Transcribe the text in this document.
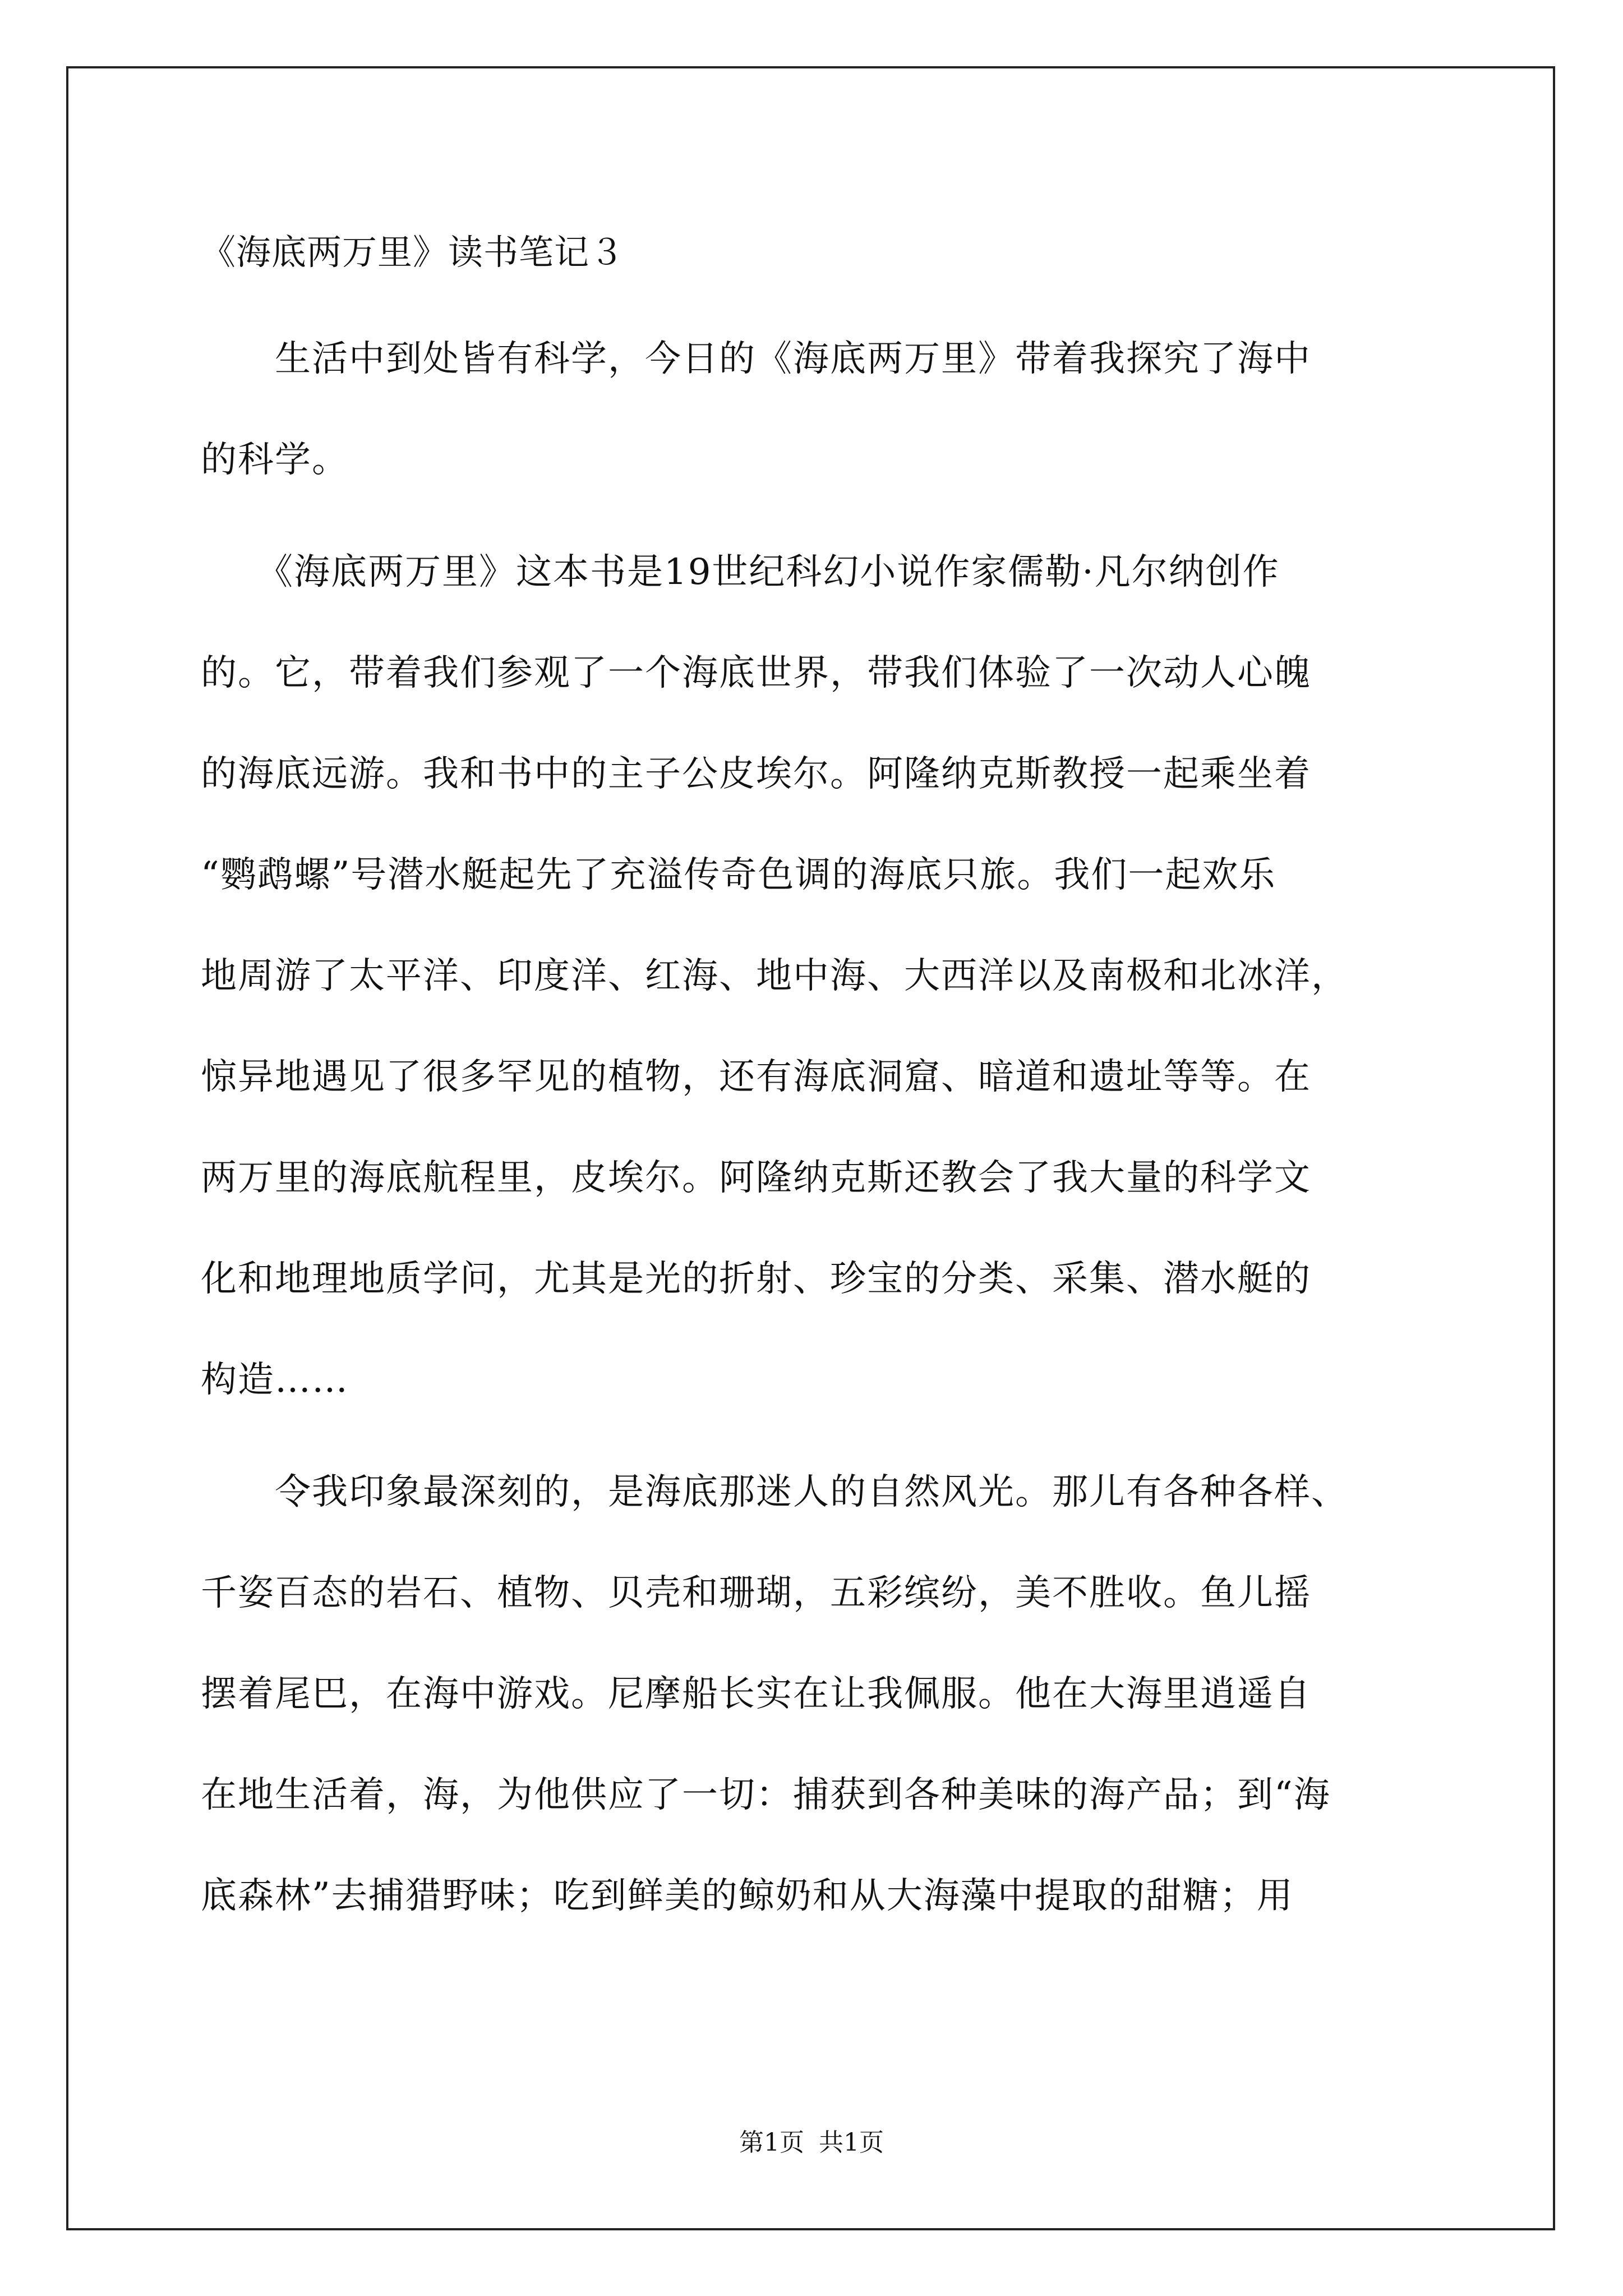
《海底两万里》读书笔记３
　　生活中到处皆有科学，今日的《海底两万里》带着我探究了海中
的科学。
　　《海底两万里》这本书是19世纪科幻小说作家儒勒·凡尔纳创作
的。它，带着我们参观了一个海底世界，带我们体验了一次动人心魄
的海底远游。我和书中的主子公皮埃尔。阿隆纳克斯教授一起乘坐着
“鹦鹉螺”号潜水艇起先了充溢传奇色调的海底只旅。我们一起欢乐
地周游了太平洋、印度洋、红海、地中海、大西洋以及南极和北冰洋，
惊异地遇见了很多罕见的植物，还有海底洞窟、暗道和遗址等等。在
两万里的海底航程里，皮埃尔。阿隆纳克斯还教会了我大量的科学文
化和地理地质学问，尤其是光的折射、珍宝的分类、采集、潜水艇的
构造……
　　令我印象最深刻的，是海底那迷人的自然风光。那儿有各种各样、
千姿百态的岩石、植物、贝壳和珊瑚，五彩缤纷，美不胜收。鱼儿摇
摆着尾巴，在海中游戏。尼摩船长实在让我佩服。他在大海里逍遥自
在地生活着，海，为他供应了一切：捕获到各种美味的海产品；到“海
底森林”去捕猎野味；吃到鲜美的鲸奶和从大海藻中提取的甜糖；用
第1页 共1页
